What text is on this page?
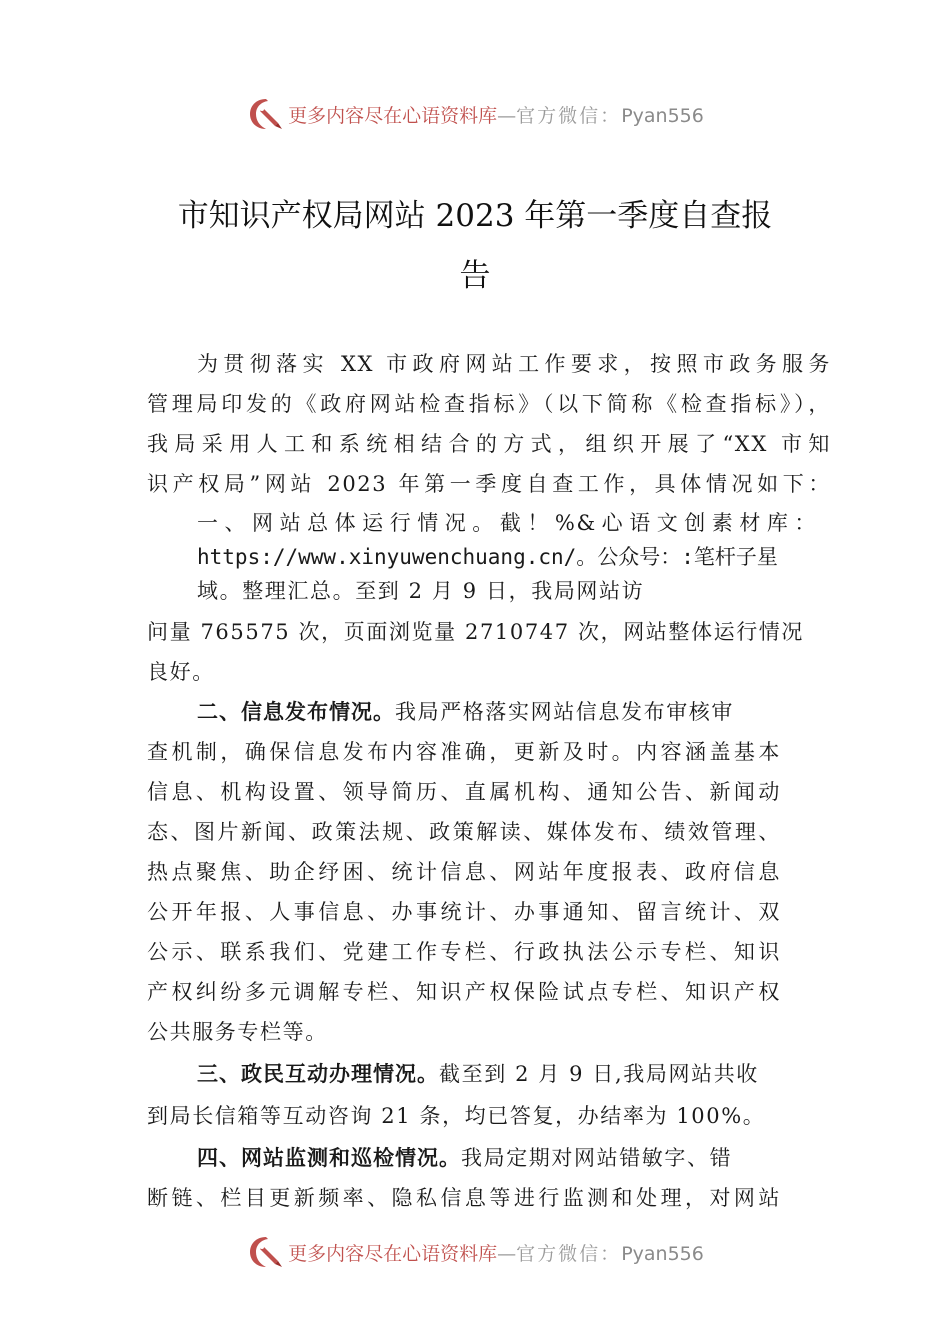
更多内容尽在心语资料库—官方微信：Pyan556
市知识产权局网站 2023 年第一季度自查报
告
为贯彻落实 XX 市政府网站工作要求，按照市政务服务
管理局印发的《政府网站检查指标》（以下简称《检查指标》），
我局采用人工和系统相结合的方式，组织开展了“XX 市知
识产权局”网站 2023 年第一季度自查工作，具体情况如下：
一、网站总体运行情况。截！%&心语文创素材库：
https://www.xinyuwenchuang.cn/。公众号：:笔杆子星
域。整理汇总。至到 2 月 9 日，我局网站访
问量 765575 次，页面浏览量 2710747 次，网站整体运行情况
良好。
二、信息发布情况。我局严格落实网站信息发布审核审
查机制，确保信息发布内容准确，更新及时。内容涵盖基本
信息、机构设置、领导简历、直属机构、通知公告、新闻动
态、图片新闻、政策法规、政策解读、媒体发布、绩效管理、
热点聚焦、助企纾困、统计信息、网站年度报表、政府信息
公开年报、人事信息、办事统计、办事通知、留言统计、双
公示、联系我们、党建工作专栏、行政执法公示专栏、知识
产权纠纷多元调解专栏、知识产权保险试点专栏、知识产权
公共服务专栏等。
三、政民互动办理情况。截至到 2 月 9 日,我局网站共收
到局长信箱等互动咨询 21 条，均已答复，办结率为 100%。
四、网站监测和巡检情况。我局定期对网站错敏字、错
断链、栏目更新频率、隐私信息等进行监测和处理，对网站
更多内容尽在心语资料库—官方微信：Pyan556
